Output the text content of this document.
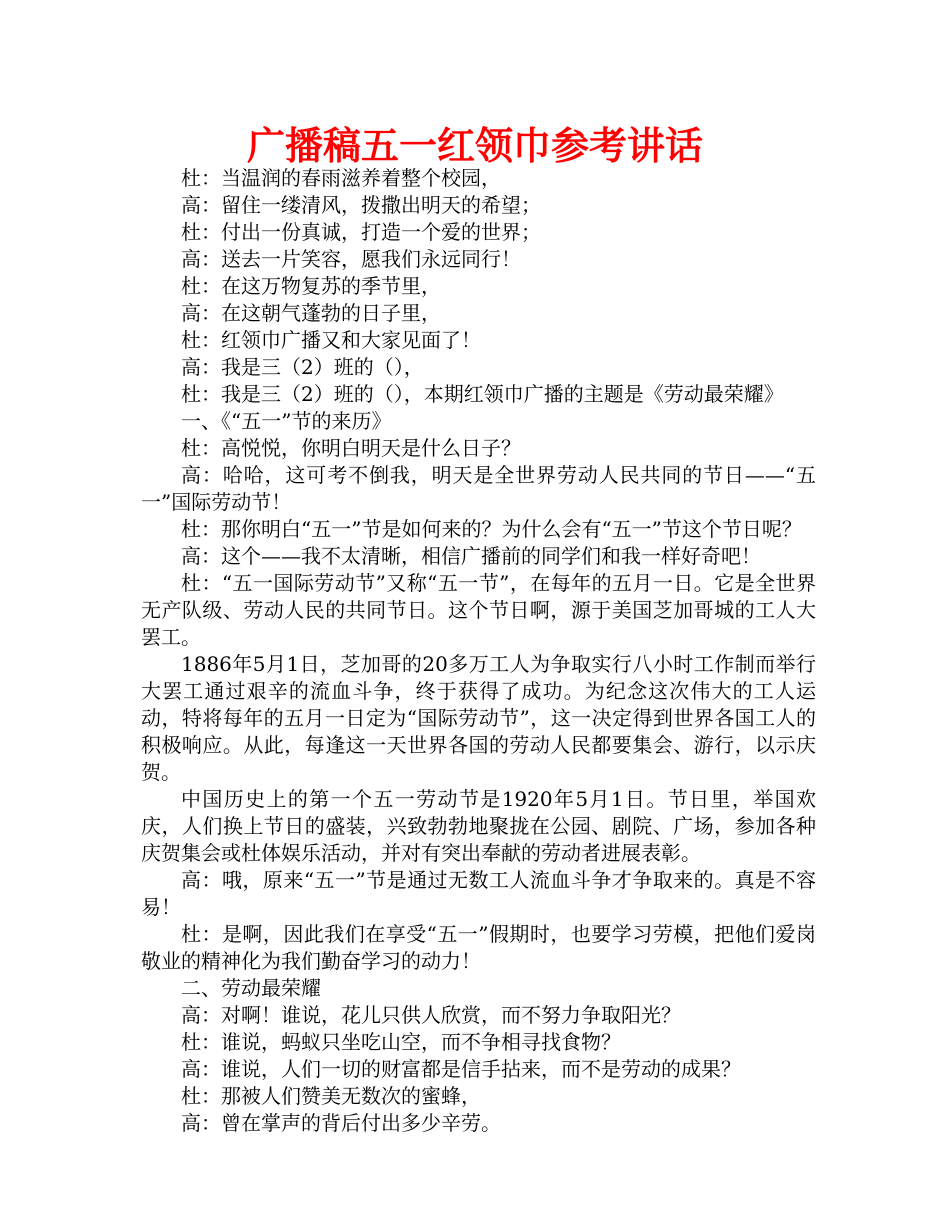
广播稿五一红领巾参考讲话

杜：当温润的春雨滋养着整个校园，

高：留住一缕清风，拨撒出明天的希望；

杜：付出一份真诚，打造一个爱的世界；

高：送去一片笑容，愿我们永远同行！

杜：在这万物复苏的季节里，

高：在这朝气蓬勃的日子里，

杜：红领巾广播又和大家见面了！

高：我是三（2）班的（），

杜：我是三（2）班的（），本期红领巾广播的主题是《劳动最荣耀》

一、《“五一”节的来历》

杜：高悦悦，你明白明天是什么日子？

高：哈哈，这可考不倒我，明天是全世界劳动人民共同的节日——“五一”国际劳动节！

杜：那你明白“五一”节是如何来的？为什么会有“五一”节这个节日呢？

高：这个——我不太清晰，相信广播前的同学们和我一样好奇吧！

杜：“五一国际劳动节”又称“五一节”，在每年的五月一日。它是全世界无产队级、劳动人民的共同节日。这个节日啊，源于美国芝加哥城的工人大罢工。

1886年5月1日，芝加哥的20多万工人为争取实行八小时工作制而举行大罢工通过艰辛的流血斗争，终于获得了成功。为纪念这次伟大的工人运动，特将每年的五月一日定为“国际劳动节”，这一决定得到世界各国工人的积极响应。从此，每逢这一天世界各国的劳动人民都要集会、游行，以示庆贺。

中国历史上的第一个五一劳动节是1920年5月1日。节日里，举国欢庆，人们换上节日的盛装，兴致勃勃地聚拢在公园、剧院、广场，参加各种庆贺集会或杜体娱乐活动，并对有突出奉献的劳动者进展表彰。

高：哦，原来“五一”节是通过无数工人流血斗争才争取来的。真是不容易！

杜：是啊，因此我们在享受“五一”假期时，也要学习劳模，把他们爱岗敬业的精神化为我们勤奋学习的动力！

二、劳动最荣耀

高：对啊！谁说，花儿只供人欣赏，而不努力争取阳光？

杜：谁说，蚂蚁只坐吃山空，而不争相寻找食物？

高：谁说，人们一切的财富都是信手拈来，而不是劳动的成果？

杜：那被人们赞美无数次的蜜蜂，

高：曾在掌声的背后付出多少辛劳。
